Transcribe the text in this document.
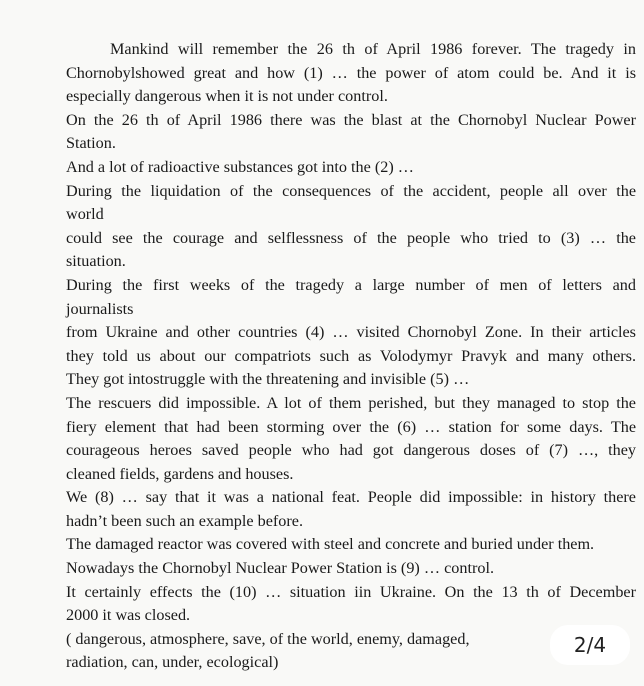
Mankind will remember the 26 th of April 1986 forever. The tragedy in
Chornobylshowed great and how (1) … the power of atom could be. And it is
especially dangerous when it is not under control.
On the 26 th of April 1986 there was the blast at the Chornobyl Nuclear Power
Station.
And a lot of radioactive substances got into the (2) …
During the liquidation of the consequences of the accident, people all over the
world
could see the courage and selflessness of the people who tried to (3) … the
situation.
During the first weeks of the tragedy a large number of men of letters and
journalists
from Ukraine and other countries (4) … visited Chornobyl Zone. In their articles
they told us about our compatriots such as Volodymyr Pravyk and many others.
They got intostruggle with the threatening and invisible (5) …
The rescuers did impossible. A lot of them perished, but they managed to stop the
fiery element that had been storming over the (6) … station for some days. The
courageous heroes saved people who had got dangerous doses of (7) …, they
cleaned fields, gardens and houses.
We (8) … say that it was a national feat. People did impossible: in history there
hadn’t been such an example before.
The damaged reactor was covered with steel and concrete and buried under them.
Nowadays the Chornobyl Nuclear Power Station is (9) … control.
It certainly effects the (10) … situation iin Ukraine. On the 13 th of December
2000 it was closed.
( dangerous, atmosphere, save, of the world, enemy, damaged,
radiation, can, under, ecological)
2/4
